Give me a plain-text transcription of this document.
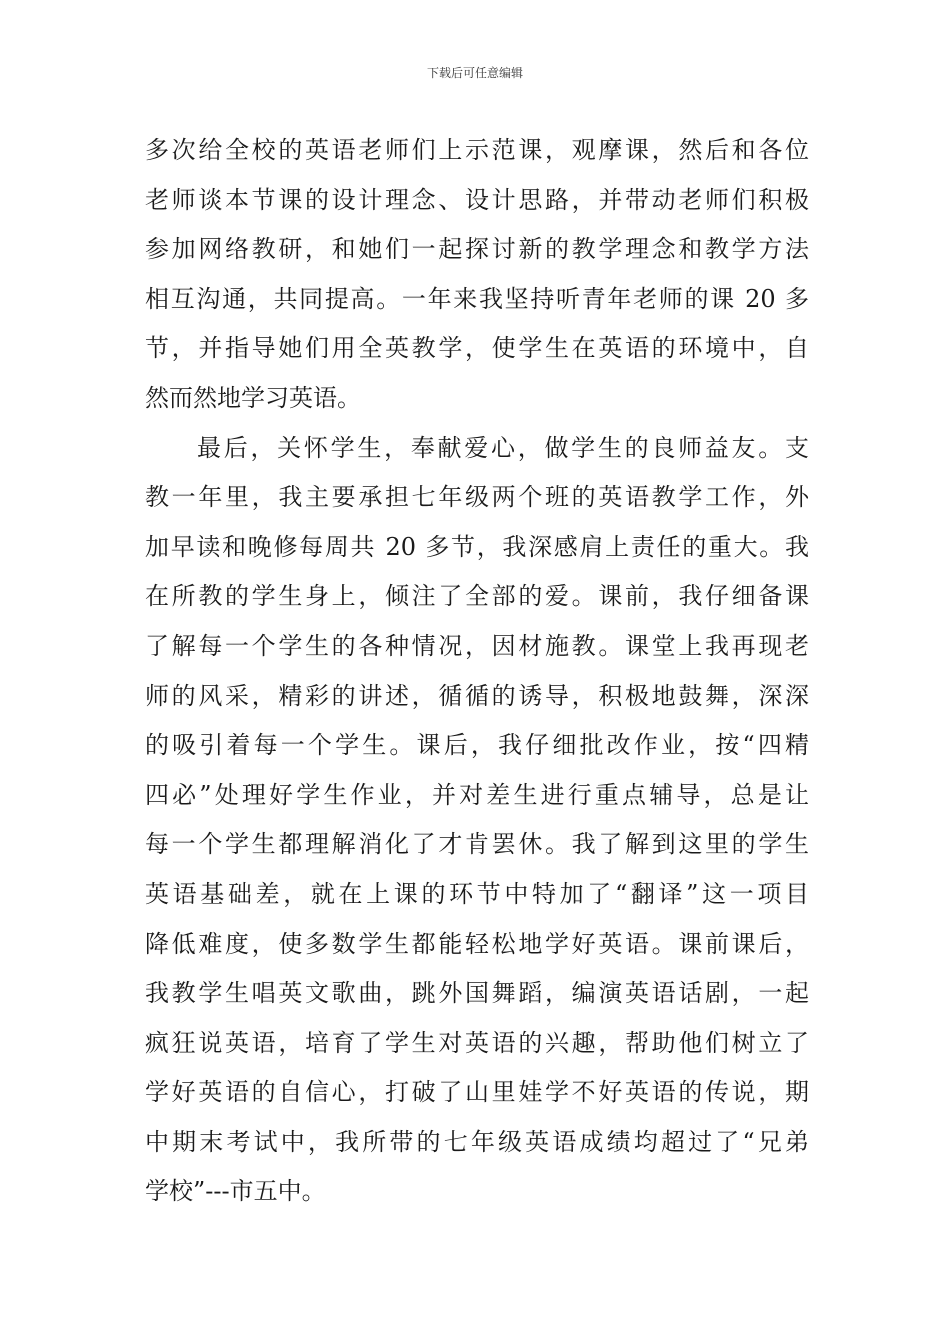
下载后可任意编辑
多次给全校的英语老师们上示范课，观摩课，然后和各位
老师谈本节课的设计理念、设计思路，并带动老师们积极
参加网络教研，和她们一起探讨新的教学理念和教学方法
相互沟通，共同提高。一年来我坚持听青年老师的课 20 多
节，并指导她们用全英教学，使学生在英语的环境中，自
然而然地学习英语。
最后，关怀学生，奉献爱心，做学生的良师益友。支
教一年里，我主要承担七年级两个班的英语教学工作，外
加早读和晚修每周共 20 多节，我深感肩上责任的重大。我
在所教的学生身上，倾注了全部的爱。课前，我仔细备课
了解每一个学生的各种情况，因材施教。课堂上我再现老
师的风采，精彩的讲述，循循的诱导，积极地鼓舞，深深
的吸引着每一个学生。课后，我仔细批改作业，按“四精
四必”处理好学生作业，并对差生进行重点辅导，总是让
每一个学生都理解消化了才肯罢休。我了解到这里的学生
英语基础差，就在上课的环节中特加了“翻译”这一项目
降低难度，使多数学生都能轻松地学好英语。课前课后，
我教学生唱英文歌曲，跳外国舞蹈，编演英语话剧，一起
疯狂说英语，培育了学生对英语的兴趣，帮助他们树立了
学好英语的自信心，打破了山里娃学不好英语的传说，期
中期末考试中，我所带的七年级英语成绩均超过了“兄弟
学校”---市五中。
